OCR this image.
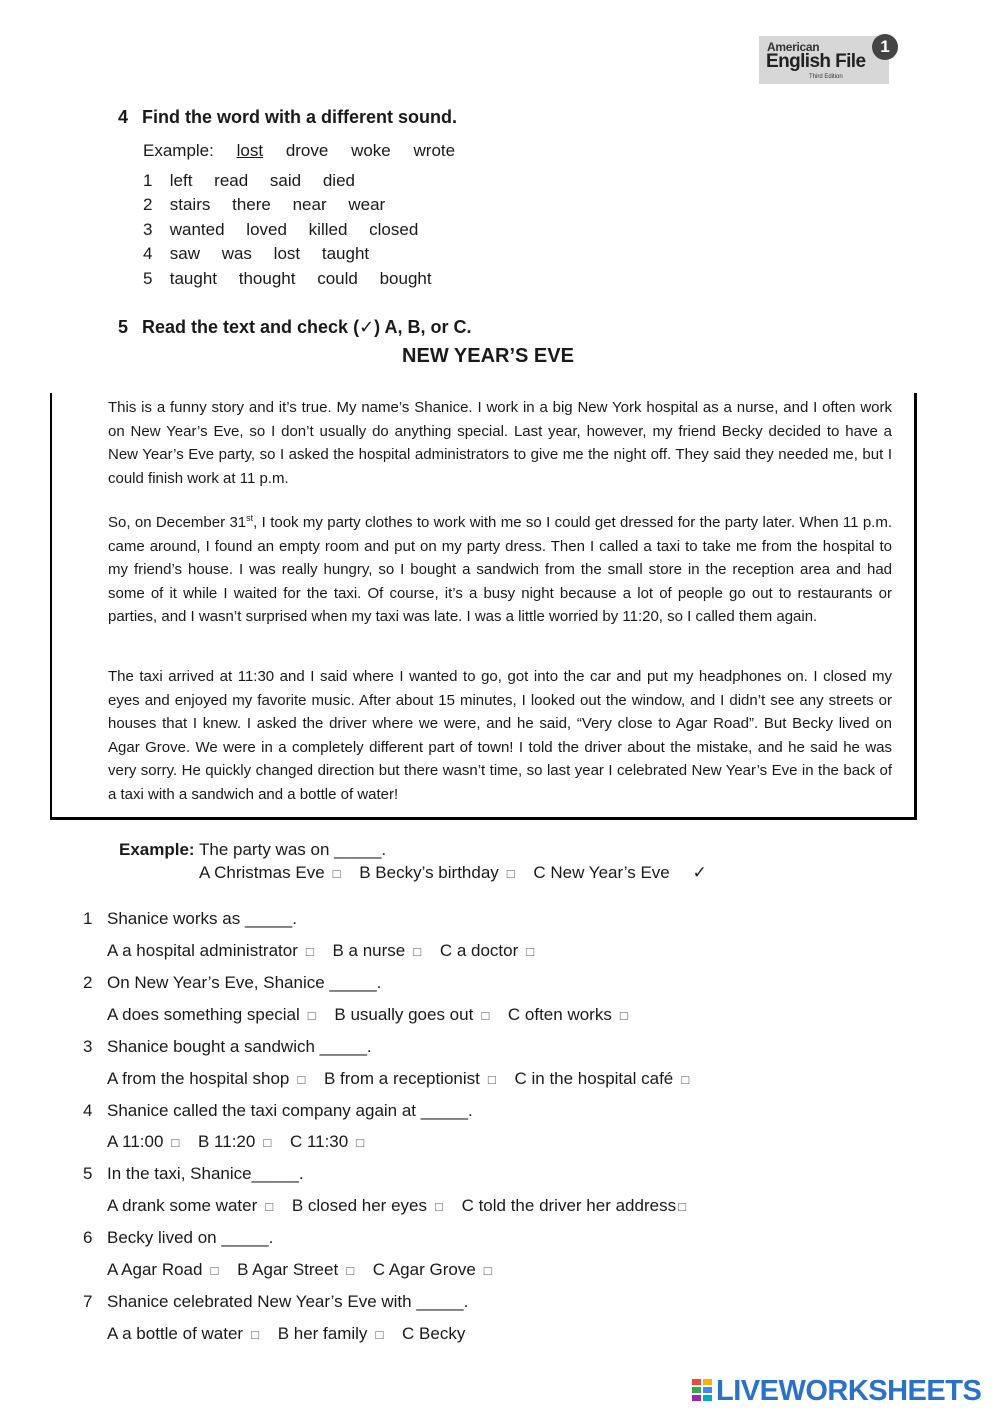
American
English File
Third Edition
1
4 Find the word with a different sound.
Example: lost drove woke wrote
1 left read said died
2 stairs there near wear
3 wanted loved killed closed
4 saw was lost taught
5 taught thought could bought
5 Read the text and check (✓) A, B, or C.
NEW YEAR’S EVE
This is a funny story and it’s true. My name’s Shanice. I work in a big New York hospital as a nurse, and I often work on New Year’s Eve, so I don’t usually do anything special. Last year, however, my friend Becky decided to have a New Year’s Eve party, so I asked the hospital administrators to give me the night off. They said they needed me, but I could finish work at 11 p.m.
So, on December 31st, I took my party clothes to work with me so I could get dressed for the party later. When 11 p.m. came around, I found an empty room and put on my party dress. Then I called a taxi to take me from the hospital to my friend’s house. I was really hungry, so I bought a sandwich from the small store in the reception area and had some of it while I waited for the taxi. Of course, it’s a busy night because a lot of people go out to restaurants or parties, and I wasn’t surprised when my taxi was late. I was a little worried by 11:20, so I called them again.
The taxi arrived at 11:30 and I said where I wanted to go, got into the car and put my headphones on. I closed my eyes and enjoyed my favorite music. After about 15 minutes, I looked out the window, and I didn’t see any streets or houses that I knew. I asked the driver where we were, and he said, “Very close to Agar Road”. But Becky lived on Agar Grove. We were in a completely different part of town! I told the driver about the mistake, and he said he was very sorry. He quickly changed direction but there wasn’t time, so last year I celebrated New Year’s Eve in the back of a taxi with a sandwich and a bottle of water!
Example: The party was on _____.
A Christmas Eve □ B Becky’s birthday □ C New Year’s Eve ✓
1 Shanice works as _____.
A a hospital administrator □ B a nurse □ C a doctor □
2 On New Year’s Eve, Shanice _____.
A does something special □ B usually goes out □ C often works □
3 Shanice bought a sandwich _____.
A from the hospital shop □ B from a receptionist □ C in the hospital café □
4 Shanice called the taxi company again at _____.
A 11:00 □ B 11:20 □ C 11:30 □
5 In the taxi, Shanice_____.
A drank some water □ B closed her eyes □ C told the driver her address □
6 Becky lived on _____.
A Agar Road □ B Agar Street □ C Agar Grove □
7 Shanice celebrated New Year’s Eve with _____.
A a bottle of water □ B her family □ C Becky
LIVEWORKSHEETS
